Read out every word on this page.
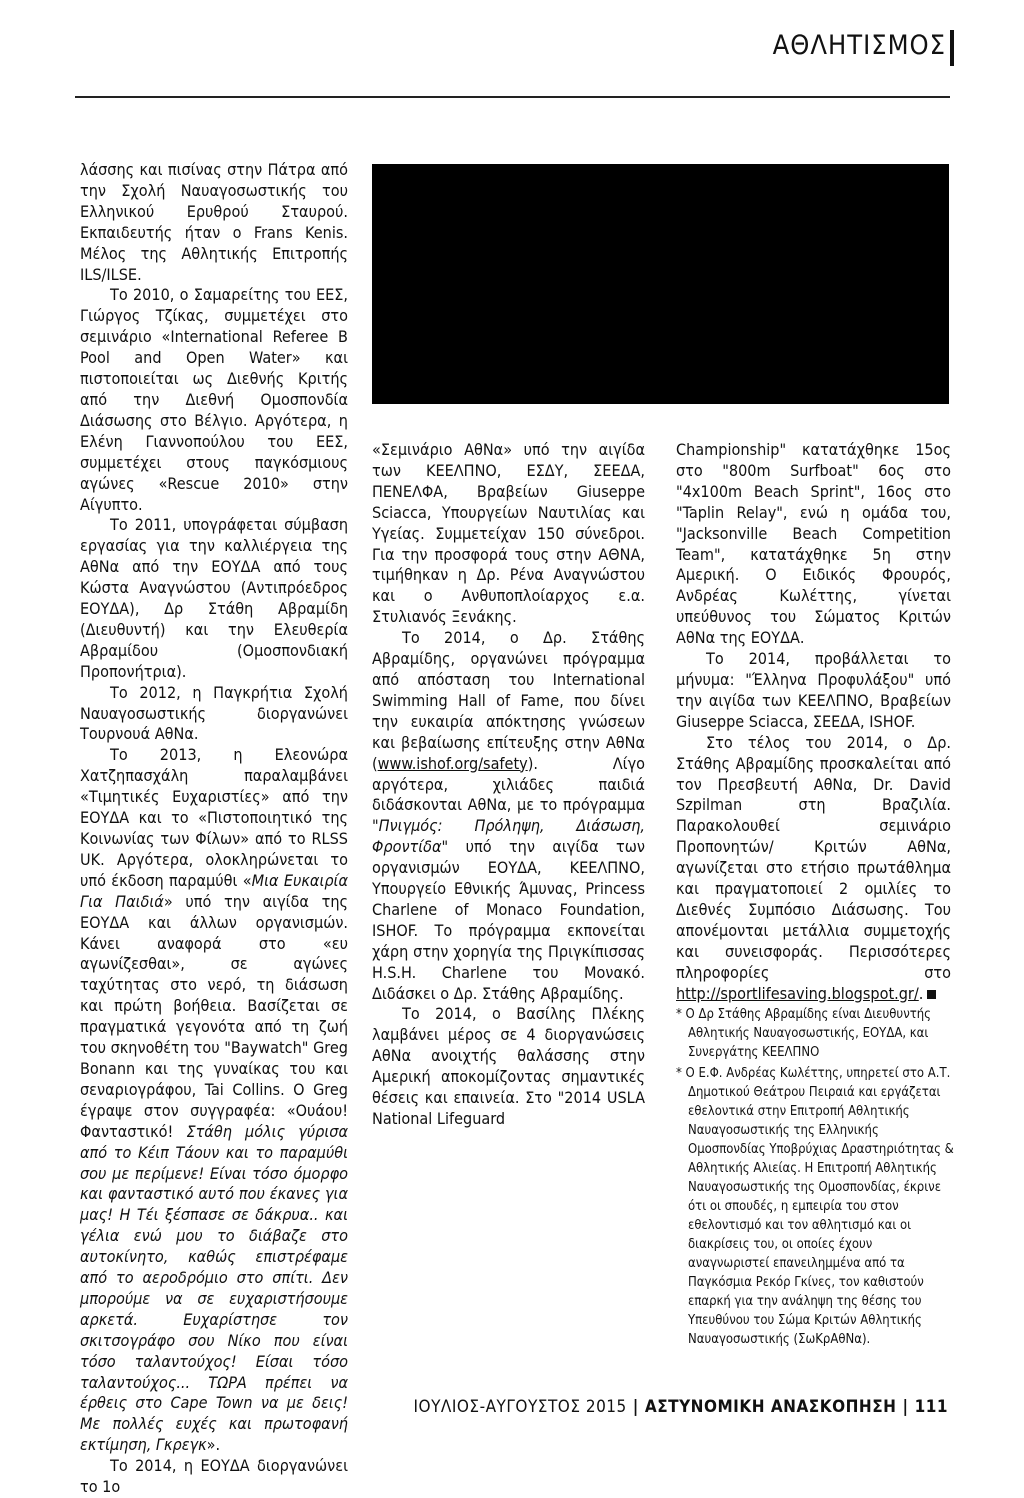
ΑΘΛΗΤΙΣΜΟΣ

λάσσης και πισίνας στην Πάτρα από την Σχολή Ναυαγοσωστικής του Ελληνικού Ερυθρού Σταυρού. Εκπαιδευτής ήταν ο Frans Kenis. Μέλος της Αθλητικής Επιτροπής ILS/ILSE.

Το 2010, ο Σαμαρείτης του ΕΕΣ, Γιώργος Τζίκας, συμμετέχει στο σεμινάριο «International Referee B Pool and Open Water» και πιστοποιείται ως Διεθνής Κριτής από την Διεθνή Ομοσπονδία Διάσωσης στο Βέλγιο. Αργότερα, η Ελένη Γιαννοπούλου του ΕΕΣ, συμμετέχει στους παγκόσμιους αγώνες «Rescue 2010» στην Αίγυπτο.

Το 2011, υπογράφεται σύμβαση εργασίας για την καλλιέργεια της ΑθΝα από την ΕΟΥΔΑ από τους Κώστα Αναγνώστου (Αντιπρόεδρος ΕΟΥΔΑ), Δρ Στάθη Αβραμίδη (Διευθυντή) και την Ελευθερία Αβραμίδου (Ομοσπονδιακή Προπονήτρια).

Το 2012, η Παγκρήτια Σχολή Ναυαγοσωστικής διοργανώνει Τουρνουά ΑθΝα.

Το 2013, η Ελεονώρα Χατζηπασχάλη παραλαμβάνει «Τιμητικές Ευχαριστίες» από την ΕΟΥΔΑ και το «Πιστοποιητικό της Κοινωνίας των Φίλων» από το RLSS UK. Αργότερα, ολοκληρώνεται το υπό έκδοση παραμύθι «Μια Ευκαιρία Για Παιδιά» υπό την αιγίδα της ΕΟΥΔΑ και άλλων οργανισμών. Κάνει αναφορά στο «ευ αγωνίζεσθαι», σε αγώνες ταχύτητας στο νερό, τη διάσωση και πρώτη βοήθεια. Βασίζεται σε πραγματικά γεγονότα από τη ζωή του σκηνοθέτη του "Baywatch" Greg Bonann και της γυναίκας του και σεναριογράφου, Tai Collins. Ο Greg έγραψε στον συγγραφέα: «Ουάου! Φανταστικό! Στάθη μόλις γύρισα από το Κέιπ Τάουν και το παραμύθι σου με περίμενε! Είναι τόσο όμορφο και φανταστικό αυτό που έκανες για μας! Η Τέι ξέσπασε σε δάκρυα.. και γέλια ενώ μου το διάβαζε στο αυτοκίνητο, καθώς επιστρέφαμε από το αεροδρόμιο στο σπίτι. Δεν μπορούμε να σε ευχαριστήσουμε αρκετά. Ευχαρίστησε τον σκιτσογράφο σου Νίκο που είναι τόσο ταλαντούχος! Είσαι τόσο ταλαντούχος... ΤΩΡΑ πρέπει να έρθεις στο Cape Town να με δεις! Με πολλές ευχές και πρωτοφανή εκτίμηση, Γκρεγκ».

Το 2014, η ΕΟΥΔΑ διοργανώνει το 1ο

«Σεμινάριο ΑθΝα» υπό την αιγίδα των ΚΕΕΛΠΝΟ, ΕΣΔΥ, ΣΕΕΔΑ, ΠΕΝΕΛΦΑ, Βραβείων Giuseppe Sciacca, Υπουργείων Ναυτιλίας και Υγείας. Συμμετείχαν 150 σύνεδροι. Για την προσφορά τους στην ΑΘΝΑ, τιμήθηκαν η Δρ. Ρένα Αναγνώστου και ο Ανθυποπλοίαρχος ε.α. Στυλιανός Ξενάκης.

Το 2014, ο Δρ. Στάθης Αβραμίδης, οργανώνει πρόγραμμα από απόσταση του International Swimming Hall of Fame, που δίνει την ευκαιρία απόκτησης γνώσεων και βεβαίωσης επίτευξης στην ΑθΝα (www.ishof.org/safety). Λίγο αργότερα, χιλιάδες παιδιά διδάσκονται ΑθΝα, με το πρόγραμμα "Πνιγμός: Πρόληψη, Διάσωση, Φροντίδα" υπό την αιγίδα των οργανισμών ΕΟΥΔΑ, ΚΕΕΛΠΝΟ, Υπουργείο Εθνικής Άμυνας, Princess Charlene of Monaco Foundation, ISHOF. Το πρόγραμμα εκπονείται χάρη στην χορηγία της Πριγκίπισσας H.S.H. Charlene του Μονακό. Διδάσκει ο Δρ. Στάθης Αβραμίδης.

Το 2014, ο Βασίλης Πλέκης λαμβάνει μέρος σε 4 διοργανώσεις ΑθΝα ανοιχτής θαλάσσης στην Αμερική αποκομίζοντας σημαντικές θέσεις και επαινεία. Στο "2014 USLA National Lifeguard

Championship" κατατάχθηκε 15ος στο "800m Surfboat" 6ος στο "4x100m Beach Sprint", 16ος στο "Taplin Relay", ενώ η ομάδα του, "Jacksonville Beach Competition Team", κατατάχθηκε 5η στην Αμερική. Ο Ειδικός Φρουρός, Ανδρέας Κωλέττης, γίνεται υπεύθυνος του Σώματος Κριτών ΑθΝα της ΕΟΥΔΑ.

Το 2014, προβάλλεται το μήνυμα: "Έλληνα Προφυλάξου" υπό την αιγίδα των ΚΕΕΛΠΝΟ, Βραβείων Giuseppe Sciacca, ΣΕΕΔΑ, ISHOF.

Στο τέλος του 2014, ο Δρ. Στάθης Αβραμίδης προσκαλείται από τον Πρεσβευτή ΑθΝα, Dr. David Szpilman στη Βραζιλία. Παρακολουθεί σεμινάριο Προπονητών/ Κριτών ΑθΝα, αγωνίζεται στο ετήσιο πρωτάθλημα και πραγματοποιεί 2 ομιλίες το Διεθνές Συμπόσιο Διάσωσης. Του απονέμονται μετάλλια συμμετοχής και συνεισφοράς. Περισσότερες πληροφορίες στο http://sportlifesaving.blogspot.gr/.

* Ο Δρ Στάθης Αβραμίδης είναι Διευθυντής Αθλητικής Ναυαγοσωστικής, ΕΟΥΔΑ, και Συνεργάτης ΚΕΕΛΠΝΟ

* Ο Ε.Φ. Ανδρέας Κωλέττης, υπηρετεί στο Α.Τ. Δημοτικού Θεάτρου Πειραιά και εργάζεται εθελοντικά στην Επιτροπή Αθλητικής Ναυαγοσωστικής της Ελληνικής Ομοσπονδίας Υποβρύχιας Δραστηριότητας & Αθλητικής Αλιείας. Η Επιτροπή Αθλητικής Ναυαγοσωστικής της Ομοσπονδίας, έκρινε ότι οι σπουδές, η εμπειρία του στον εθελοντισμό και τον αθλητισμό και οι διακρίσεις του, οι οποίες έχουν αναγνωριστεί επανειλημμένα από τα Παγκόσμια Ρεκόρ Γκίνες, τον καθιστούν επαρκή για την ανάληψη της θέσης του Υπευθύνου του Σώμα Κριτών Αθλητικής Ναυαγοσωστικής (ΣωΚρΑθΝα).

ΙΟΥΛΙΟΣ-ΑΥΓΟΥΣΤΟΣ 2015 | ΑΣΤΥΝΟΜΙΚΗ ΑΝΑΣΚΟΠΗΣΗ | 111
